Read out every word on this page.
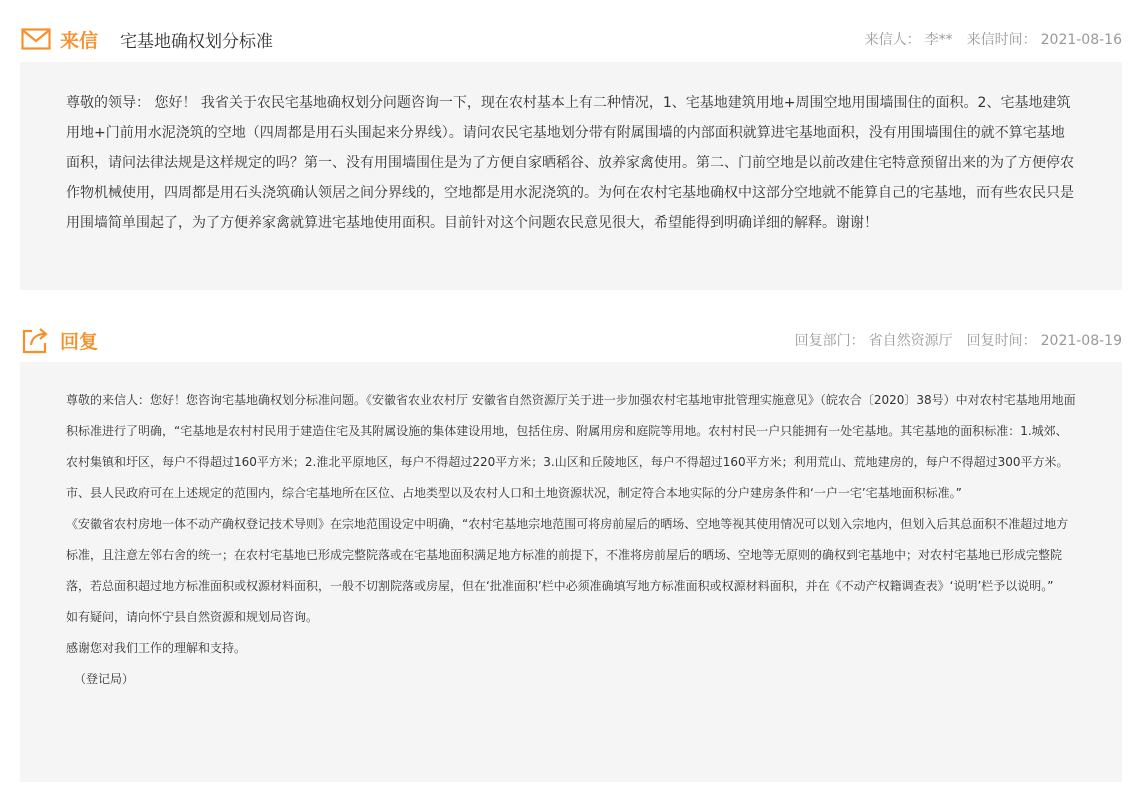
来信 宅基地确权划分标准	来信人： 李** 来信时间： 2021-08-16
尊敬的领导： 您好！ 我省关于农民宅基地确权划分问题咨询一下，现在农村基本上有二种情况，1、宅基地建筑用地+周围空地用围墙围住的面积。2、宅基地建筑用地+门前用水泥浇筑的空地（四周都是用石头围起来分界线）。请问农民宅基地划分带有附属围墙的内部面积就算进宅基地面积，没有用围墙围住的就不算宅基地面积，请问法律法规是这样规定的吗？第一、没有用围墙围住是为了方便自家晒稻谷、放养家禽使用。第二、门前空地是以前改建住宅特意预留出来的为了方便停农作物机械使用，四周都是用石头浇筑确认领居之间分界线的，空地都是用水泥浇筑的。为何在农村宅基地确权中这部分空地就不能算自己的宅基地，而有些农民只是用围墙简单围起了，为了方便养家禽就算进宅基地使用面积。目前针对这个问题农民意见很大，希望能得到明确详细的解释。谢谢！
回复	回复部门： 省自然资源厅 回复时间： 2021-08-19

尊敬的来信人：您好！您咨询宅基地确权划分标准问题。《安徽省农业农村厅 安徽省自然资源厅关于进一步加强农村宅基地审批管理实施意见》（皖农合〔2020〕38号）中对农村宅基地用地面积标准进行了明确，“宅基地是农村村民用于建造住宅及其附属设施的集体建设用地，包括住房、附属用房和庭院等用地。农村村民一户只能拥有一处宅基地。其宅基地的面积标准：1.城郊、农村集镇和圩区，每户不得超过160平方米；2.淮北平原地区，每户不得超过220平方米；3.山区和丘陵地区，每户不得超过160平方米；利用荒山、荒地建房的，每户不得超过300平方米。市、县人民政府可在上述规定的范围内，综合宅基地所在区位、占地类型以及农村人口和土地资源状况，制定符合本地实际的分户建房条件和‘一户一宅’宅基地面积标准。”

《安徽省农村房地一体不动产确权登记技术导则》在宗地范围设定中明确，“农村宅基地宗地范围可将房前屋后的晒场、空地等视其使用情况可以划入宗地内，但划入后其总面积不准超过地方标准，且注意左邻右舍的统一；在农村宅基地已形成完整院落或在宅基地面积满足地方标准的前提下，不准将房前屋后的晒场、空地等无原则的确权到宅基地中；对农村宅基地已形成完整院落，若总面积超过地方标准面积或权源材料面积，一般不切割院落或房屋，但在‘批准面积’栏中必须准确填写地方标准面积或权源材料面积，并在《不动产权籍调查表》‘说明’栏予以说明。”

如有疑问，请向怀宁县自然资源和规划局咨询。

感谢您对我们工作的理解和支持。

（登记局）
